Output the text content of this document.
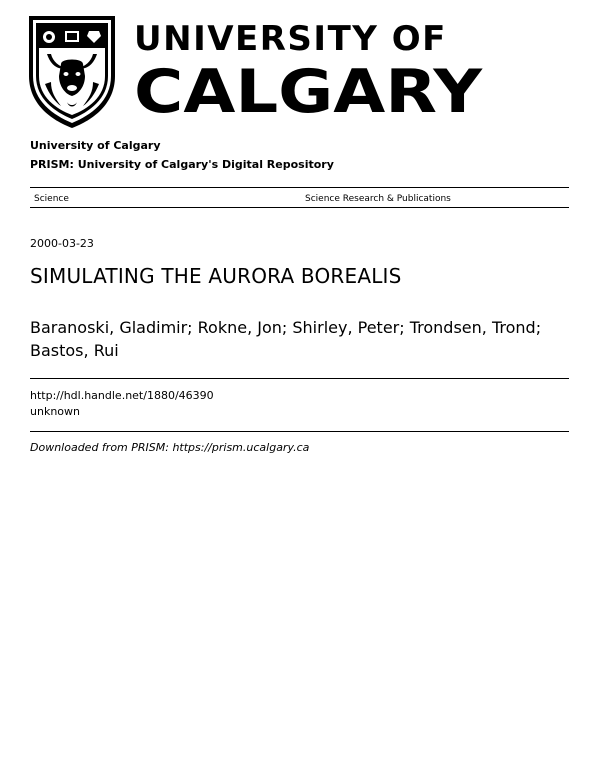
UNIVERSITY OF
CALGARY
University of Calgary
PRISM: University of Calgary's Digital Repository
Science	Science Research & Publications
2000-03-23
SIMULATING THE AURORA BOREALIS
Baranoski, Gladimir; Rokne, Jon; Shirley, Peter; Trondsen, Trond; Bastos, Rui
http://hdl.handle.net/1880/46390
unknown
Downloaded from PRISM: https://prism.ucalgary.ca
